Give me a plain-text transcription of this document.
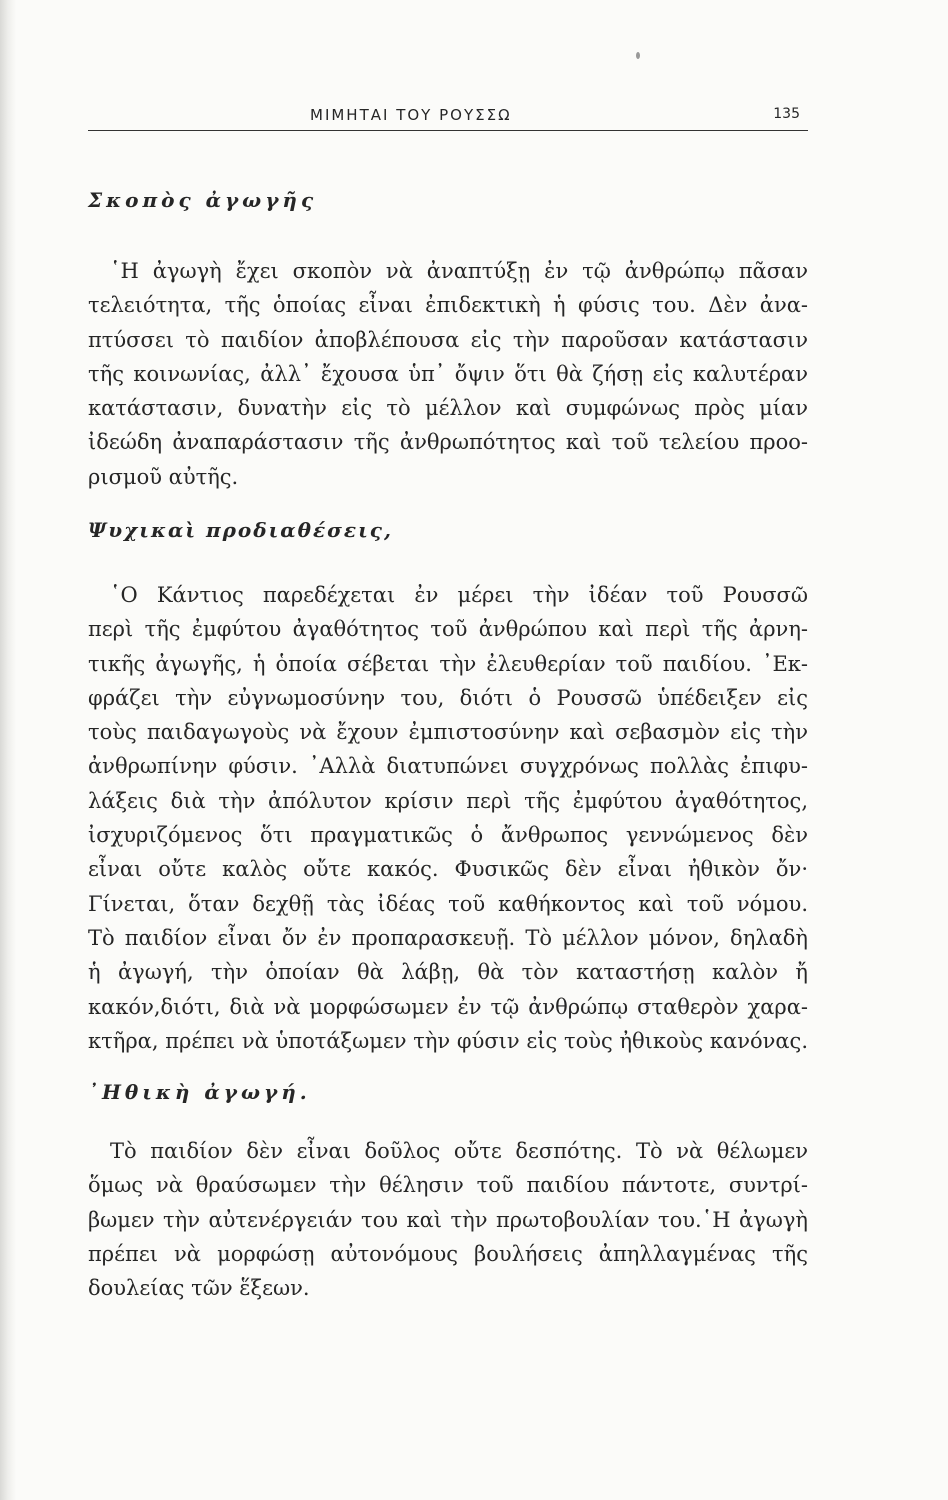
ΜΙΜΗΤΑΙ ΤΟΥ ΡΟΥΣΣΩ	135
Σκοπὸς ἀγωγῆς
῾Η ἀγωγὴ ἔχει σκοπὸν νὰ ἀναπτύξῃ ἐν τῷ ἀνθρώπῳ πᾶσαν
τελειότητα, τῆς ὁποίας εἶναι ἐπιδεκτικὴ ἡ φύσις του. Δὲν ἀνα-
πτύσσει τὸ παιδίον ἀποβλέπουσα εἰς τὴν παροῦσαν κατάστασιν
τῆς κοινωνίας, ἀλλ᾿ ἔχουσα ὑπ᾿ ὄψιν ὅτι θὰ ζήσῃ εἰς καλυτέραν
κατάστασιν, δυνατὴν εἰς τὸ μέλλον καὶ συμφώνως πρὸς μίαν
ἰδεώδη ἀναπαράστασιν τῆς ἀνθρωπότητος καὶ τοῦ τελείου προο-
ρισμοῦ αὐτῆς.
Ψυχικαὶ προδιαθέσεις,
῾Ο Κάντιος παρεδέχεται ἐν μέρει τὴν ἰδέαν τοῦ Ρουσσῶ
περὶ τῆς ἐμφύτου ἀγαθότητος τοῦ ἀνθρώπου καὶ περὶ τῆς ἀρνη-
τικῆς ἀγωγῆς, ἡ ὁποία σέβεται τὴν ἐλευθερίαν τοῦ παιδίου. ᾿Εκ-
φράζει τὴν εὐγνωμοσύνην του, διότι ὁ Ρουσσῶ ὑπέδειξεν εἰς
τοὺς παιδαγωγοὺς νὰ ἔχουν ἐμπιστοσύνην καὶ σεβασμὸν εἰς τὴν
ἀνθρωπίνην φύσιν. ᾿Αλλὰ διατυπώνει συγχρόνως πολλὰς ἐπιφυ-
λάξεις διὰ τὴν ἀπόλυτον κρίσιν περὶ τῆς ἐμφύτου ἀγαθότητος,
ἰσχυριζόμενος ὅτι πραγματικῶς ὁ ἄνθρωπος γεννώμενος δὲν
εἶναι οὔτε καλὸς οὔτε κακός. Φυσικῶς δὲν εἶναι ἠθικὸν ὄν·
Γίνεται, ὅταν δεχθῇ τὰς ἰδέας τοῦ καθήκοντος καὶ τοῦ νόμου.
Τὸ παιδίον εἶναι ὄν ἐν προπαρασκευῇ. Τὸ μέλλον μόνον, δηλαδὴ
ἡ ἀγωγή, τὴν ὁποίαν θὰ λάβῃ, θὰ τὸν καταστήσῃ καλὸν ἤ
κακόν,διότι, διὰ νὰ μορφώσωμεν ἐν τῷ ἀνθρώπῳ σταθερὸν χαρα-
κτῆρα, πρέπει νὰ ὑποτάξωμεν τὴν φύσιν εἰς τοὺς ἠθικοὺς κανόνας.
᾿Ηθικὴ ἀγωγή.
Τὸ παιδίον δὲν εἶναι δοῦλος οὔτε δεσπότης. Τὸ νὰ θέλωμεν
ὅμως νὰ θραύσωμεν τὴν θέλησιν τοῦ παιδίου πάντοτε, συντρί-
βωμεν τὴν αὐτενέργειάν του καὶ τὴν πρωτοβουλίαν του.῾Η ἀγωγὴ
πρέπει νὰ μορφώσῃ αὐτονόμους βουλήσεις ἀπηλλαγμένας τῆς
δουλείας τῶν ἕξεων.
